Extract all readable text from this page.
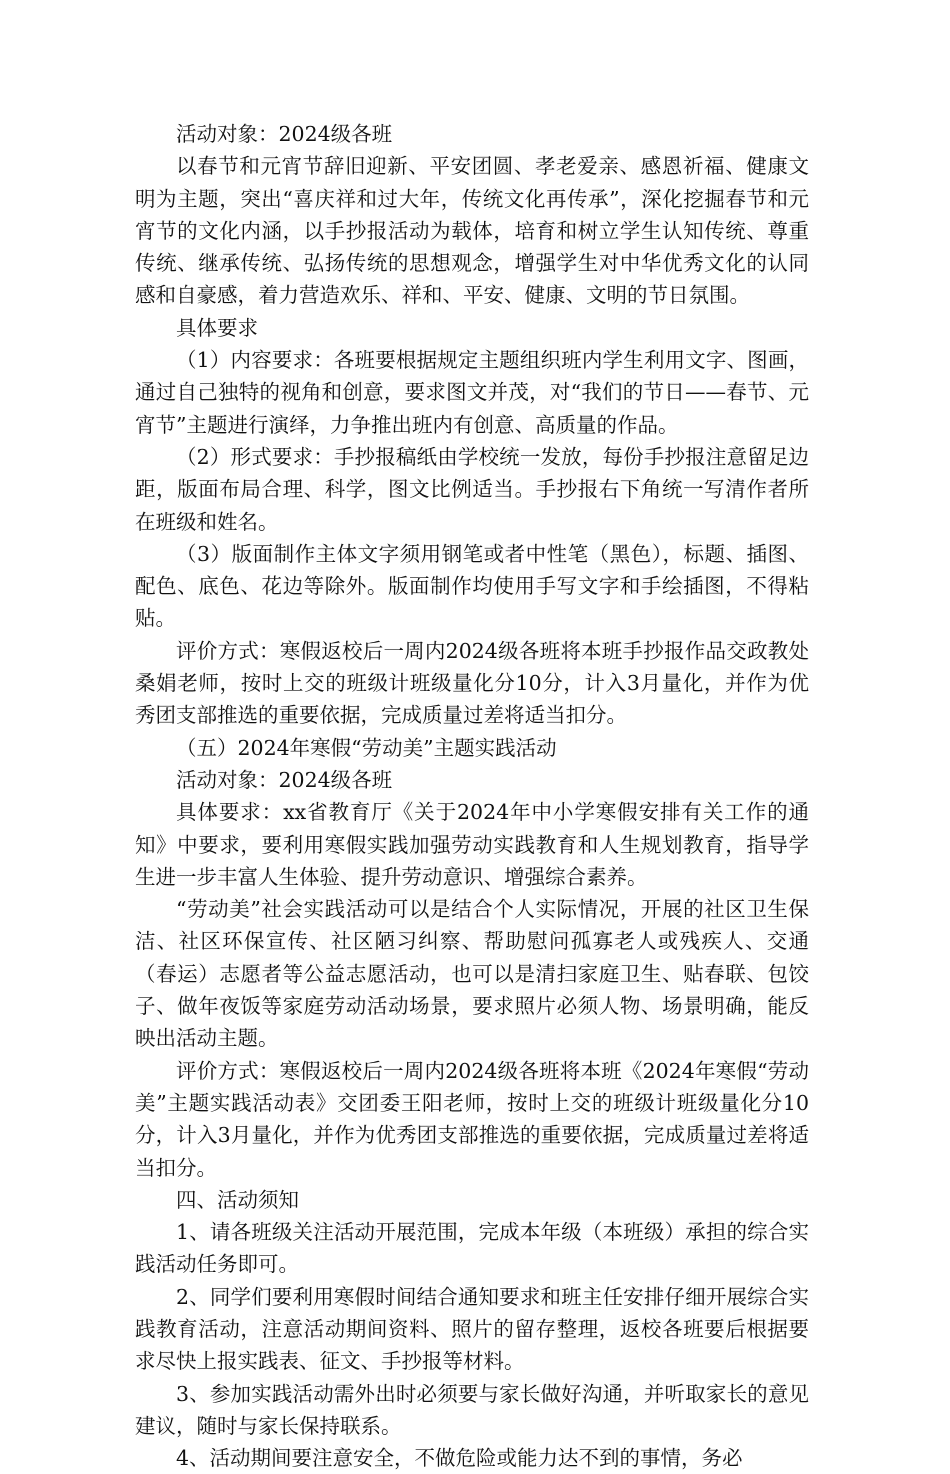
活动对象：2024级各班

以春节和元宵节辞旧迎新、平安团圆、孝老爱亲、感恩祈福、健康文明为主题，突出“喜庆祥和过大年，传统文化再传承”，深化挖掘春节和元宵节的文化内涵，以手抄报活动为载体，培育和树立学生认知传统、尊重传统、继承传统、弘扬传统的思想观念，增强学生对中华优秀文化的认同感和自豪感，着力营造欢乐、祥和、平安、健康、文明的节日氛围。

具体要求

（1）内容要求：各班要根据规定主题组织班内学生利用文字、图画，通过自己独特的视角和创意，要求图文并茂，对“我们的节日——春节、元宵节”主题进行演绎，力争推出班内有创意、高质量的作品。

（2）形式要求：手抄报稿纸由学校统一发放，每份手抄报注意留足边距，版面布局合理、科学，图文比例适当。手抄报右下角统一写清作者所在班级和姓名。

（3）版面制作主体文字须用钢笔或者中性笔（黑色），标题、插图、配色、底色、花边等除外。版面制作均使用手写文字和手绘插图，不得粘贴。

评价方式：寒假返校后一周内2024级各班将本班手抄报作品交政教处桑娟老师，按时上交的班级计班级量化分10分，计入3月量化，并作为优秀团支部推选的重要依据，完成质量过差将适当扣分。

（五）2024年寒假“劳动美”主题实践活动

活动对象：2024级各班

具体要求：xx省教育厅《关于2024年中小学寒假安排有关工作的通知》中要求，要利用寒假实践加强劳动实践教育和人生规划教育，指导学生进一步丰富人生体验、提升劳动意识、增强综合素养。

“劳动美”社会实践活动可以是结合个人实际情况，开展的社区卫生保洁、社区环保宣传、社区陋习纠察、帮助慰问孤寡老人或残疾人、交通（春运）志愿者等公益志愿活动，也可以是清扫家庭卫生、贴春联、包饺子、做年夜饭等家庭劳动活动场景，要求照片必须人物、场景明确，能反映出活动主题。

评价方式：寒假返校后一周内2024级各班将本班《2024年寒假“劳动美”主题实践活动表》交团委王阳老师，按时上交的班级计班级量化分10分，计入3月量化，并作为优秀团支部推选的重要依据，完成质量过差将适当扣分。

四、活动须知

1、请各班级关注活动开展范围，完成本年级（本班级）承担的综合实践活动任务即可。

2、同学们要利用寒假时间结合通知要求和班主任安排仔细开展综合实践教育活动，注意活动期间资料、照片的留存整理，返校各班要后根据要求尽快上报实践表、征文、手抄报等材料。

3、参加实践活动需外出时必须要与家长做好沟通，并听取家长的意见建议，随时与家长保持联系。

4、活动期间要注意安全，不做危险或能力达不到的事情，务必
